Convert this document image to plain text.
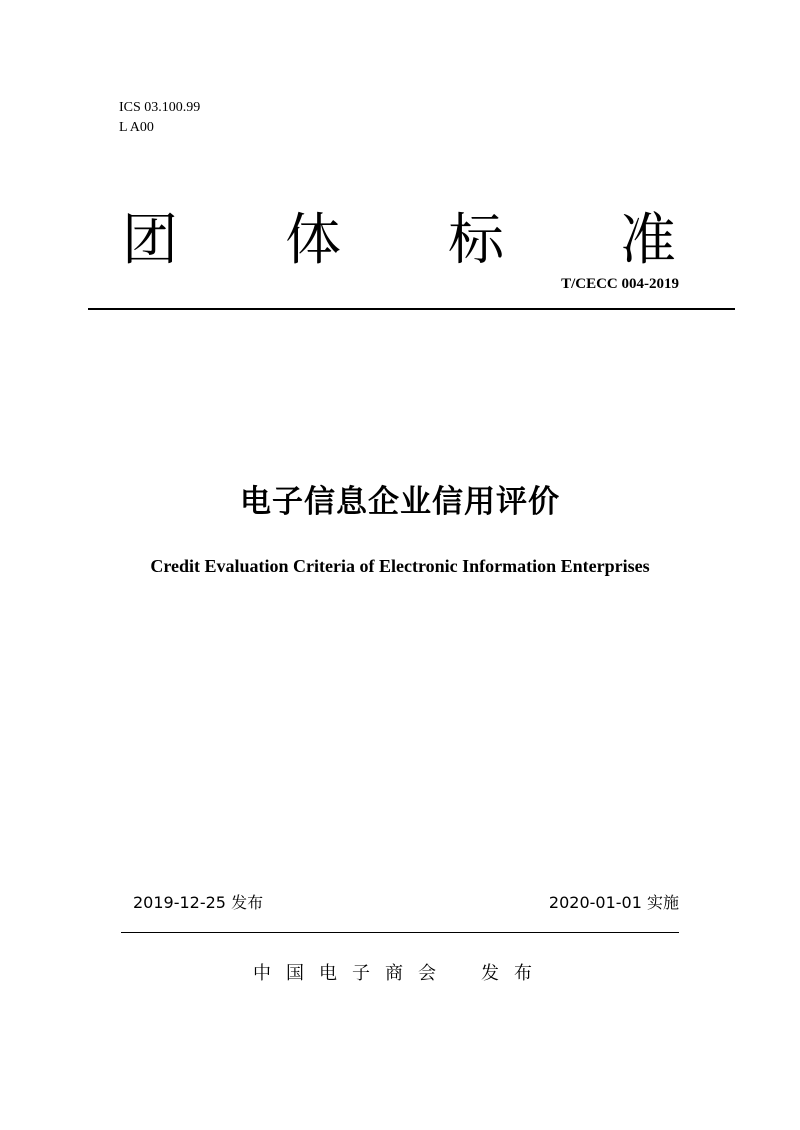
ICS 03.100.99
L A00
团 体 标 准
T/CECC 004-2019
电子信息企业信用评价
Credit Evaluation Criteria of Electronic Information Enterprises
2019-12-25 发布	2020-01-01 实施
中国电子商会 发布
